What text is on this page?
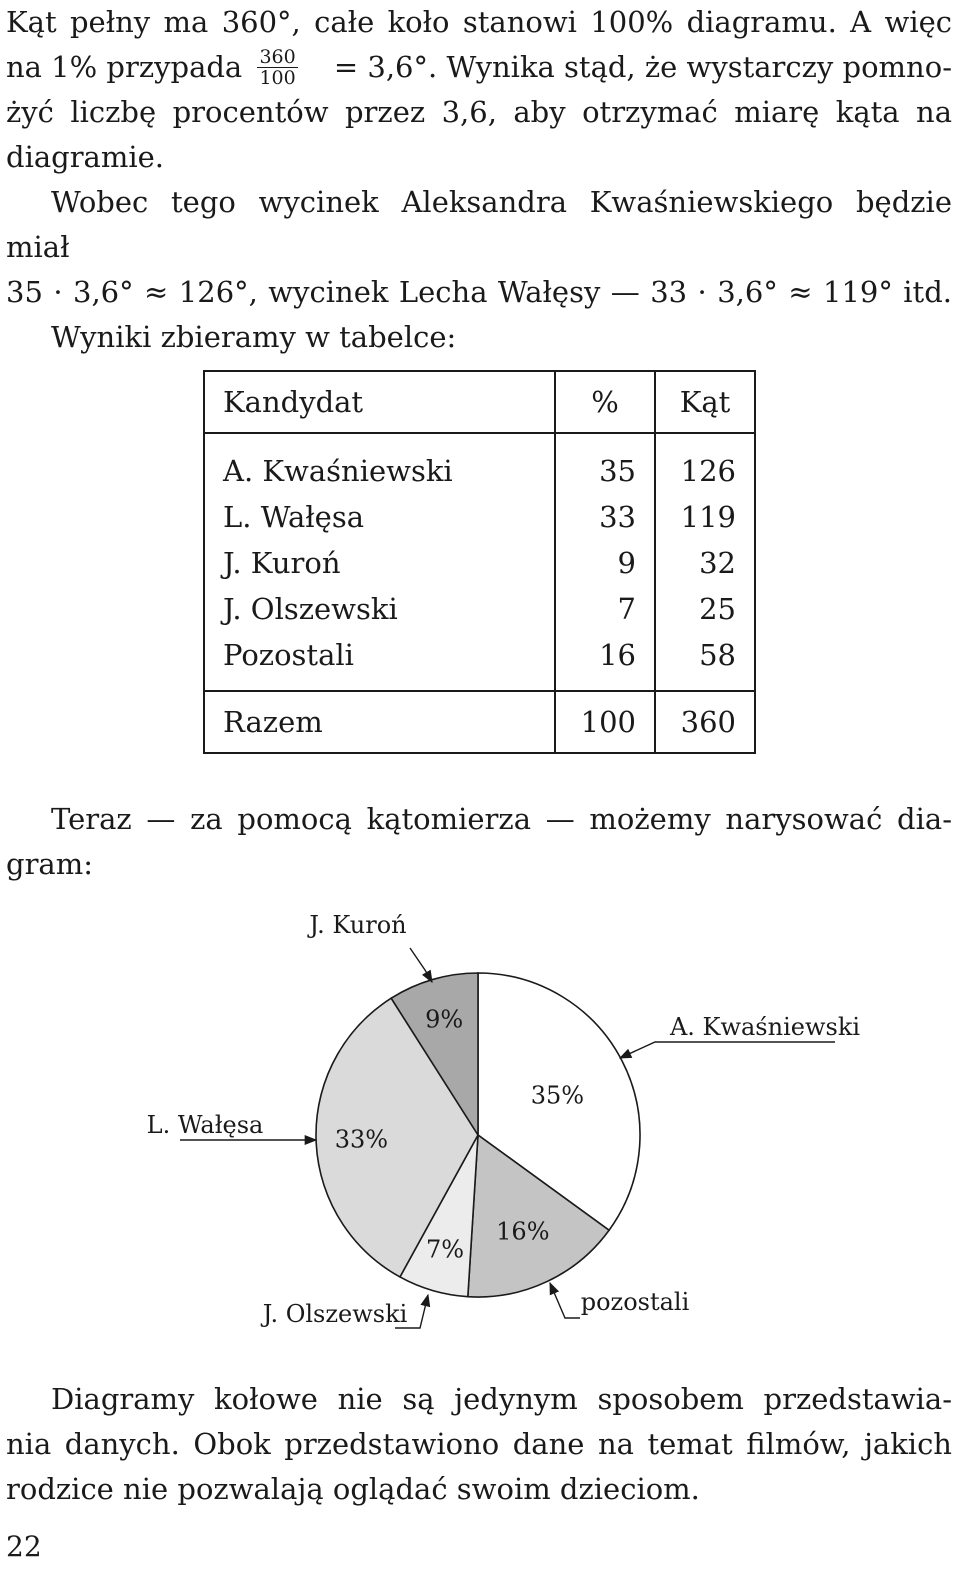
Kąt pełny ma 360°, całe koło stanowi 100% diagramu. A więc
na 1% przypada $\frac{360}{100} = 3,6^\circ$. Wynika stąd, że wystarczy pomno-
żyć liczbę procentów przez 3,6, aby otrzymać miarę kąta na
diagramie.
Wobec tego wycinek Aleksandra Kwaśniewskiego będzie miał
35 · 3,6° ≈ 126°, wycinek Lecha Wałęsy — 33 · 3,6° ≈ 119° itd.
Wyniki zbieramy w tabelce:
Kandydat	%	Kąt
A. Kwaśniewski	35	126
L. Wałęsa	33	119
J. Kuroń	9	32
J. Olszewski	7	25
Pozostali	16	58
Razem	100	360
Teraz — za pomocą kątomierza — możemy narysować dia-
gram:
35%
16%
7%
33%
9%	A. Kwaśniewski
pozostali
J. Olszewski
L. Wałęsa
J. Kuroń
Diagramy kołowe nie są jedynym sposobem przedstawia-
nia danych. Obok przedstawiono dane na temat filmów, jakich
rodzice nie pozwalają oglądać swoim dzieciom.
22
